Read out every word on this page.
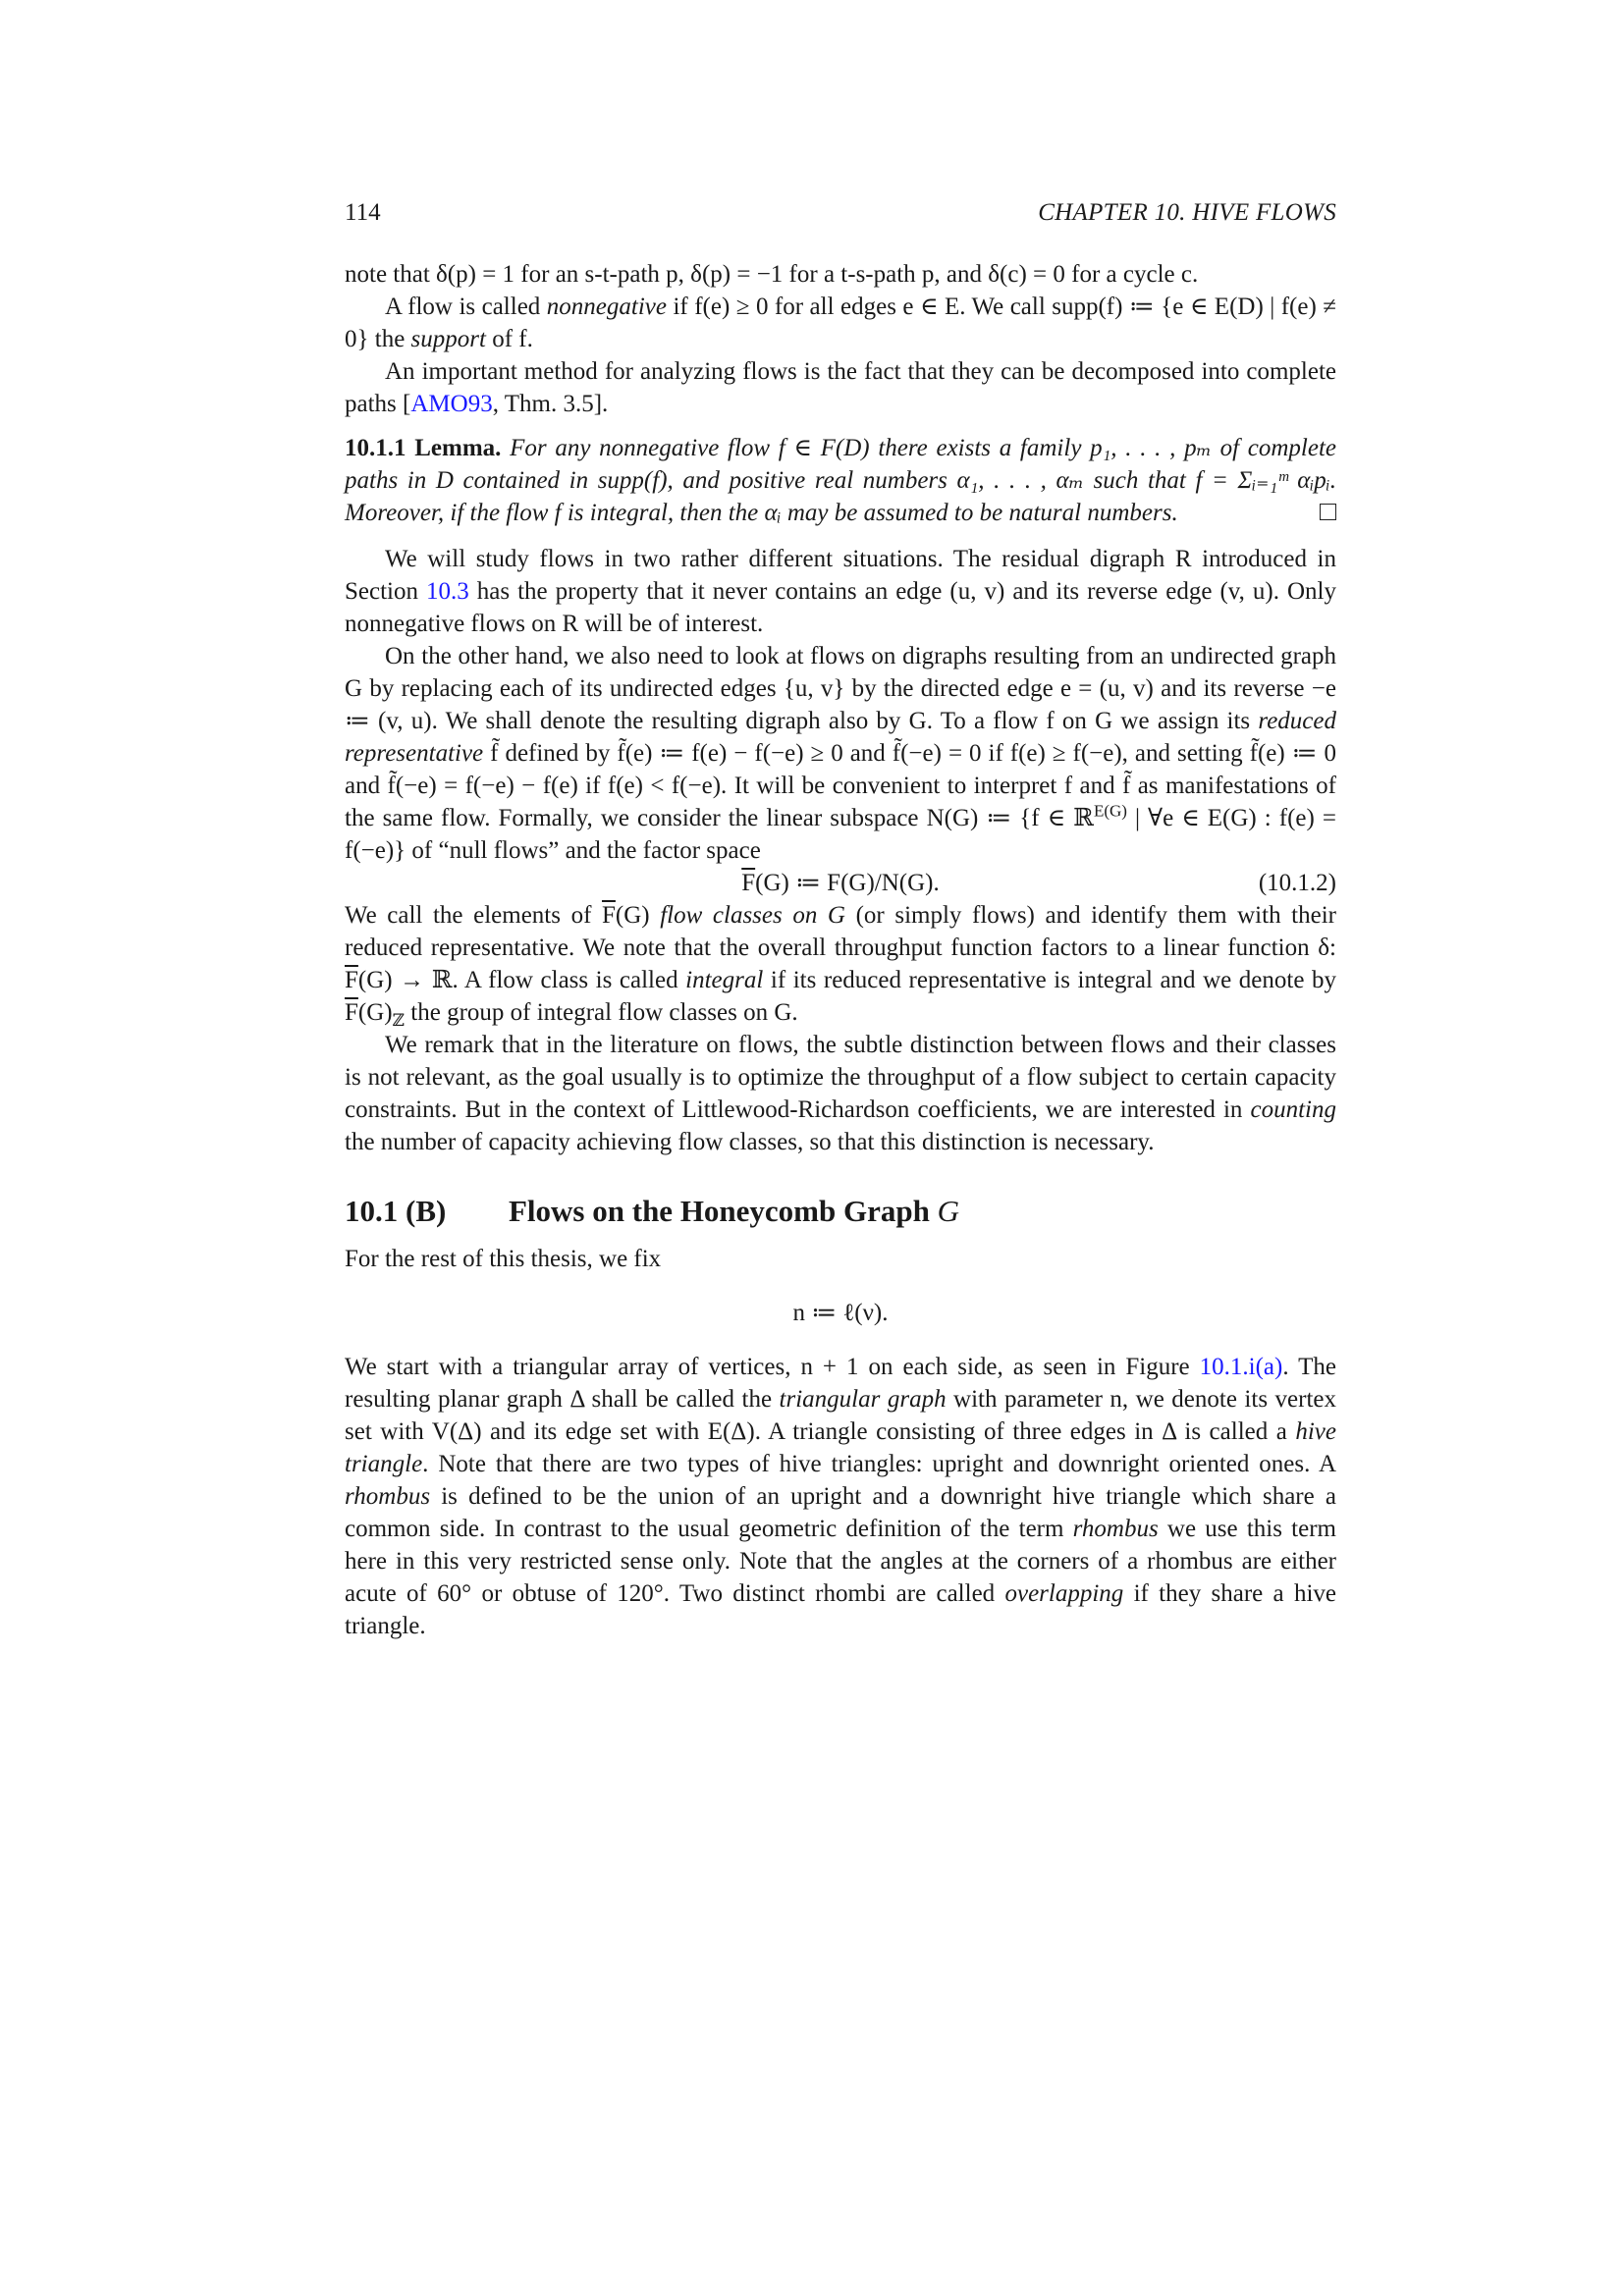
114	CHAPTER 10. HIVE FLOWS

note that δ(p) = 1 for an s-t-path p, δ(p) = −1 for a t-s-path p, and δ(c) = 0 for a cycle c.

A flow is called nonnegative if f(e) ≥ 0 for all edges e ∈ E. We call supp(f) ≔ {e ∈ E(D) | f(e) ≠ 0} the support of f.

An important method for analyzing flows is the fact that they can be decomposed into complete paths [AMO93, Thm. 3.5].

10.1.1 Lemma. For any nonnegative flow f ∈ F(D) there exists a family p₁, . . . , pₘ of complete paths in D contained in supp(f), and positive real numbers α₁, . . . , αₘ such that f = Σᵢ₌₁ᵐ αᵢpᵢ. Moreover, if the flow f is integral, then the αᵢ may be assumed to be natural numbers.

We will study flows in two rather different situations. The residual digraph R introduced in Section 10.3 has the property that it never contains an edge (u, v) and its reverse edge (v, u). Only nonnegative flows on R will be of interest.

On the other hand, we also need to look at flows on digraphs resulting from an undirected graph G by replacing each of its undirected edges {u, v} by the directed edge e = (u, v) and its reverse −e ≔ (v, u). We shall denote the resulting digraph also by G. To a flow f on G we assign its reduced representative f̃ defined by f̃(e) ≔ f(e) − f(−e) ≥ 0 and f̃(−e) = 0 if f(e) ≥ f(−e), and setting f̃(e) ≔ 0 and f̃(−e) = f(−e) − f(e) if f(e) < f(−e). It will be convenient to interpret f and f̃ as manifestations of the same flow. Formally, we consider the linear subspace N(G) ≔ {f ∈ ℝ$^{E(G)}$ | ∀e ∈ E(G) : f(e) = f(−e)} of “null flows” and the factor space

$\overline{F}(G)$ ≔ F(G)/N(G).	(10.1.2)

We call the elements of $\overline{F}(G)$ flow classes on G (or simply flows) and identify them with their reduced representative. We note that the overall throughput function factors to a linear function δ: $\overline{F}(G)$ → ℝ. A flow class is called integral if its reduced representative is integral and we denote by $\overline{F}(G)_ℤ$ the group of integral flow classes on G.

We remark that in the literature on flows, the subtle distinction between flows and their classes is not relevant, as the goal usually is to optimize the throughput of a flow subject to certain capacity constraints. But in the context of Littlewood-Richardson coefficients, we are interested in counting the number of capacity achieving flow classes, so that this distinction is necessary.

10.1 (B) Flows on the Honeycomb Graph G

For the rest of this thesis, we fix

n ≔ ℓ(ν).

We start with a triangular array of vertices, n + 1 on each side, as seen in Figure 10.1.i(a). The resulting planar graph Δ shall be called the triangular graph with parameter n, we denote its vertex set with V(Δ) and its edge set with E(Δ). A triangle consisting of three edges in Δ is called a hive triangle. Note that there are two types of hive triangles: upright and downright oriented ones. A rhombus is defined to be the union of an upright and a downright hive triangle which share a common side. In contrast to the usual geometric definition of the term rhombus we use this term here in this very restricted sense only. Note that the angles at the corners of a rhombus are either acute of 60° or obtuse of 120°. Two distinct rhombi are called overlapping if they share a hive triangle.
